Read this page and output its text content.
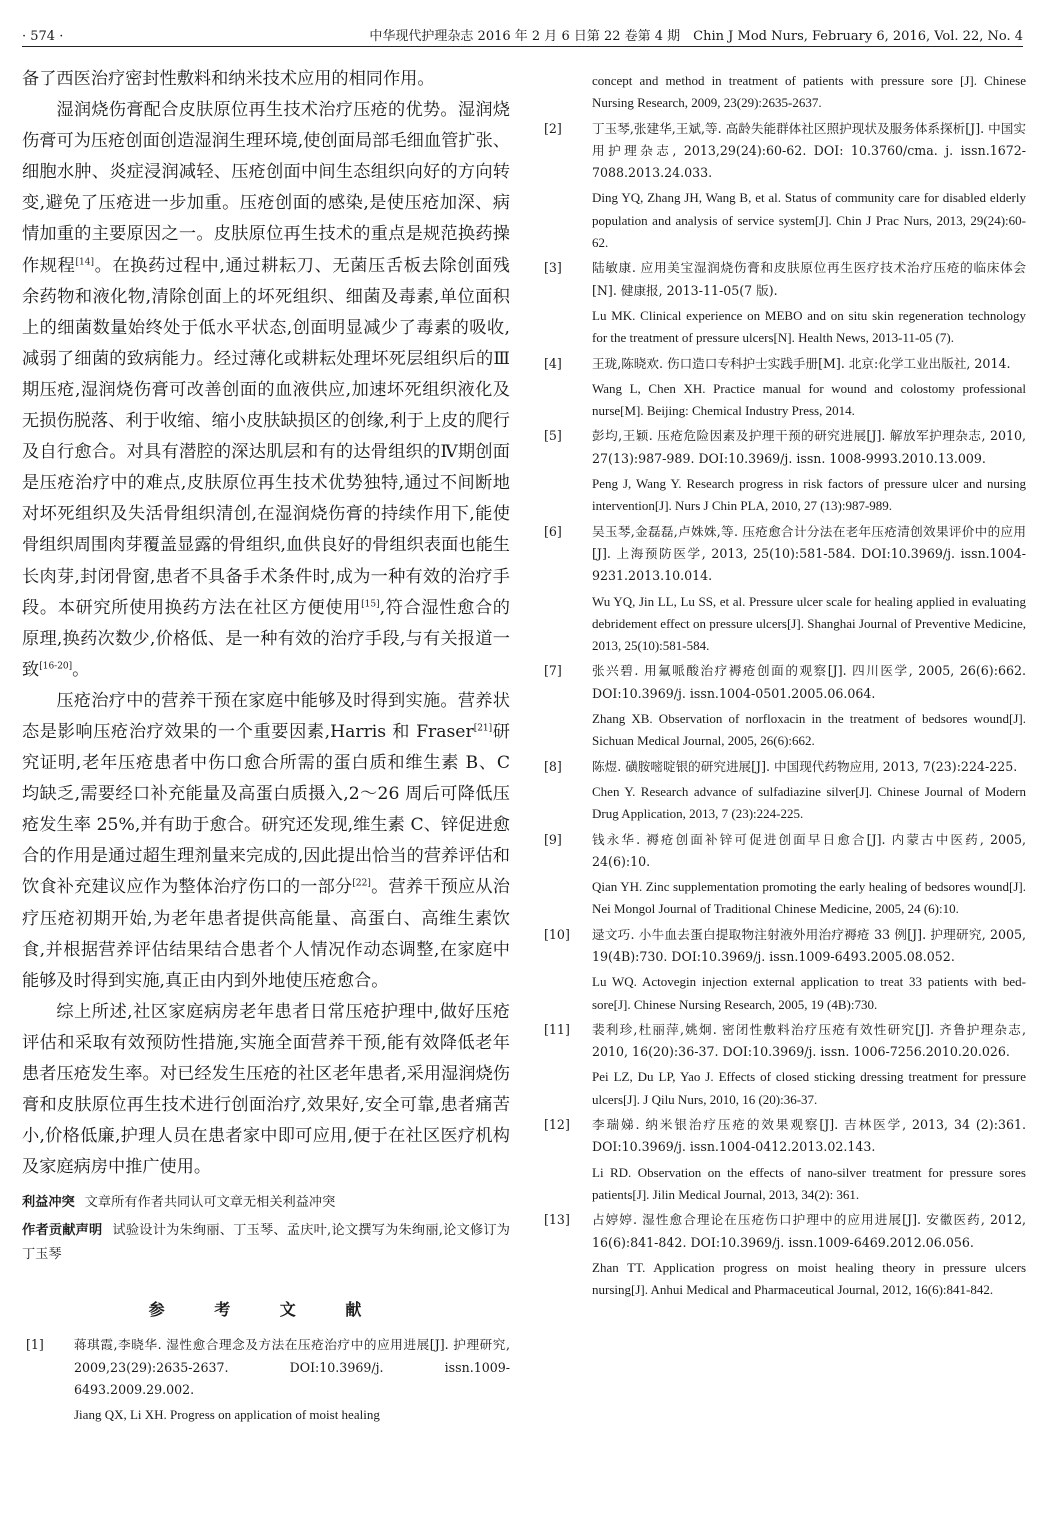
· 574 ·	中华现代护理杂志 2016 年 2 月 6 日第 22 卷第 4 期　Chin J Mod Nurs, February 6, 2016, Vol. 22, No. 4

备了西医治疗密封性敷料和纳米技术应用的相同作用。

湿润烧伤膏配合皮肤原位再生技术治疗压疮的优势。湿润烧伤膏可为压疮创面创造湿润生理环境,使创面局部毛细血管扩张、细胞水肿、炎症浸润减轻、压疮创面中间生态组织向好的方向转变,避免了压疮进一步加重。压疮创面的感染,是使压疮加深、病情加重的主要原因之一。皮肤原位再生技术的重点是规范换药操作规程[14]。在换药过程中,通过耕耘刀、无菌压舌板去除创面残余药物和液化物,清除创面上的坏死组织、细菌及毒素,单位面积上的细菌数量始终处于低水平状态,创面明显减少了毒素的吸收,减弱了细菌的致病能力。经过薄化或耕耘处理坏死层组织后的Ⅲ期压疮,湿润烧伤膏可改善创面的血液供应,加速坏死组织液化及无损伤脱落、利于收缩、缩小皮肤缺损区的创缘,利于上皮的爬行及自行愈合。对具有潜腔的深达肌层和有的达骨组织的Ⅳ期创面是压疮治疗中的难点,皮肤原位再生技术优势独特,通过不间断地对坏死组织及失活骨组织清创,在湿润烧伤膏的持续作用下,能使骨组织周围肉芽覆盖显露的骨组织,血供良好的骨组织表面也能生长肉芽,封闭骨窗,患者不具备手术条件时,成为一种有效的治疗手段。本研究所使用换药方法在社区方便使用[15],符合湿性愈合的原理,换药次数少,价格低、是一种有效的治疗手段,与有关报道一致[16-20]。

压疮治疗中的营养干预在家庭中能够及时得到实施。营养状态是影响压疮治疗效果的一个重要因素,Harris 和 Fraser[21]研究证明,老年压疮患者中伤口愈合所需的蛋白质和维生素 B、C 均缺乏,需要经口补充能量及高蛋白质摄入,2～26 周后可降低压疮发生率 25%,并有助于愈合。研究还发现,维生素 C、锌促进愈合的作用是通过超生理剂量来完成的,因此提出恰当的营养评估和饮食补充建议应作为整体治疗伤口的一部分[22]。营养干预应从治疗压疮初期开始,为老年患者提供高能量、高蛋白、高维生素饮食,并根据营养评估结果结合患者个人情况作动态调整,在家庭中能够及时得到实施,真正由内到外地使压疮愈合。

综上所述,社区家庭病房老年患者日常压疮护理中,做好压疮评估和采取有效预防性措施,实施全面营养干预,能有效降低老年患者压疮发生率。对已经发生压疮的社区老年患者,采用湿润烧伤膏和皮肤原位再生技术进行创面治疗,效果好,安全可靠,患者痛苦小,价格低廉,护理人员在患者家中即可应用,便于在社区医疗机构及家庭病房中推广使用。

利益冲突 文章所有作者共同认可文章无相关利益冲突

作者贡献声明 试验设计为朱绚丽、丁玉琴、孟庆叶,论文撰写为朱绚丽,论文修订为丁玉琴

参 考 文 献
[1] 蒋琪霞,李晓华. 湿性愈合理念及方法在压疮治疗中的应用进展[J]. 护理研究, 2009,23(29):2635-2637. DOI:10.3969/j. issn.1009-6493.2009.29.002.
Jiang QX, Li XH. Progress on application of moist healing
concept and method in treatment of patients with pressure sore [J]. Chinese Nursing Research, 2009, 23(29):2635-2637.
[2] 丁玉琴,张建华,王斌,等. 高龄失能群体社区照护现状及服务体系探析[J]. 中国实用护理杂志, 2013,29(24):60-62. DOI: 10.3760/cma. j. issn.1672-7088.2013.24.033.
Ding YQ, Zhang JH, Wang B, et al. Status of community care for disabled elderly population and analysis of service system[J]. Chin J Prac Nurs, 2013, 29(24):60-62.
[3] 陆敏康. 应用美宝湿润烧伤膏和皮肤原位再生医疗技术治疗压疮的临床体会[N]. 健康报, 2013-11-05(7 版).
Lu MK. Clinical experience on MEBO and on situ skin regeneration technology for the treatment of pressure ulcers[N]. Health News, 2013-11-05 (7).
[4] 王珑,陈晓欢. 伤口造口专科护士实践手册[M]. 北京:化学工业出版社, 2014.
Wang L, Chen XH. Practice manual for wound and colostomy professional nurse[M]. Beijing: Chemical Industry Press, 2014.
[5] 彭均,王颖. 压疮危险因素及护理干预的研究进展[J]. 解放军护理杂志, 2010, 27(13):987-989. DOI:10.3969/j. issn. 1008-9993.2010.13.009.
Peng J, Wang Y. Research progress in risk factors of pressure ulcer and nursing intervention[J]. Nurs J Chin PLA, 2010, 27 (13):987-989.
[6] 吴玉琴,金磊磊,卢姝姝,等. 压疮愈合计分法在老年压疮清创效果评价中的应用[J]. 上海预防医学, 2013, 25(10):581-584. DOI:10.3969/j. issn.1004-9231.2013.10.014.
Wu YQ, Jin LL, Lu SS, et al. Pressure ulcer scale for healing applied in evaluating debridement effect on pressure ulcers[J]. Shanghai Journal of Preventive Medicine, 2013, 25(10):581-584.
[7] 张兴碧. 用氟哌酸治疗褥疮创面的观察[J]. 四川医学, 2005, 26(6):662. DOI:10.3969/j. issn.1004-0501.2005.06.064.
Zhang XB. Observation of norfloxacin in the treatment of bedsores wound[J]. Sichuan Medical Journal, 2005, 26(6):662.
[8] 陈煜. 磺胺嘧啶银的研究进展[J]. 中国现代药物应用, 2013, 7(23):224-225.
Chen Y. Research advance of sulfadiazine silver[J]. Chinese Journal of Modern Drug Application, 2013, 7 (23):224-225.
[9] 钱永华. 褥疮创面补锌可促进创面早日愈合[J]. 内蒙古中医药, 2005, 24(6):10.
Qian YH. Zinc supplementation promoting the early healing of bedsores wound[J]. Nei Mongol Journal of Traditional Chinese Medicine, 2005, 24 (6):10.
[10] 逯文巧. 小牛血去蛋白提取物注射液外用治疗褥疮 33 例[J]. 护理研究, 2005, 19(4B):730. DOI:10.3969/j. issn.1009-6493.2005.08.052.
Lu WQ. Actovegin injection external application to treat 33 patients with bed-sore[J]. Chinese Nursing Research, 2005, 19 (4B):730.
[11] 裴利珍,杜丽萍,姚炯. 密闭性敷料治疗压疮有效性研究[J]. 齐鲁护理杂志, 2010, 16(20):36-37. DOI:10.3969/j. issn. 1006-7256.2010.20.026.
Pei LZ, Du LP, Yao J. Effects of closed sticking dressing treatment for pressure ulcers[J]. J Qilu Nurs, 2010, 16 (20):36-37.
[12] 李瑞娣. 纳米银治疗压疮的效果观察[J]. 吉林医学, 2013, 34 (2):361. DOI:10.3969/j. issn.1004-0412.2013.02.143.
Li RD. Observation on the effects of nano-silver treatment for pressure sores patients[J]. Jilin Medical Journal, 2013, 34(2): 361.
[13] 占婷婷. 湿性愈合理论在压疮伤口护理中的应用进展[J]. 安徽医药, 2012, 16(6):841-842. DOI:10.3969/j. issn.1009-6469.2012.06.056.
Zhan TT. Application progress on moist healing theory in pressure ulcers nursing[J]. Anhui Medical and Pharmaceutical Journal, 2012, 16(6):841-842.
